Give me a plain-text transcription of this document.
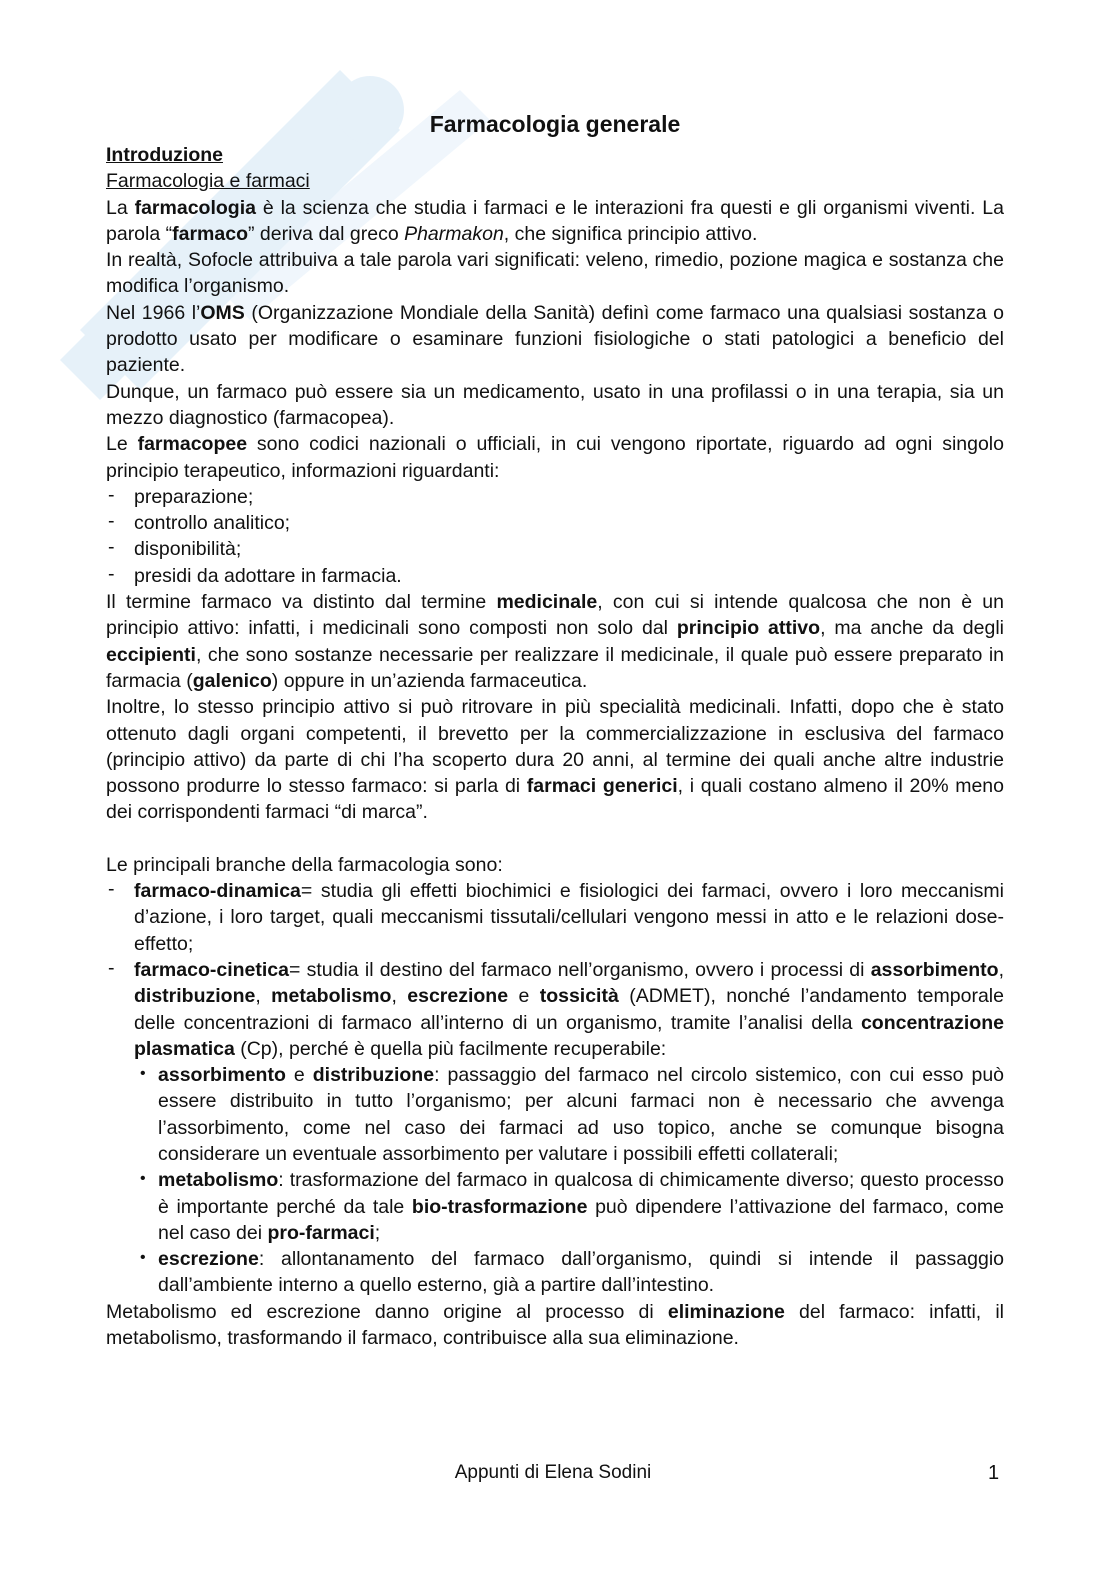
Farmacologia generale
Introduzione
Farmacologia e farmaci

La farmacologia è la scienza che studia i farmaci e le interazioni fra questi e gli organismi viventi. La parola “farmaco” deriva dal greco Pharmakon, che significa principio attivo.

In realtà, Sofocle attribuiva a tale parola vari significati: veleno, rimedio, pozione magica e sostanza che modifica l’organismo.

Nel 1966 l’OMS (Organizzazione Mondiale della Sanità) definì come farmaco una qualsiasi sostanza o prodotto usato per modificare o esaminare funzioni fisiologiche o stati patologici a beneficio del paziente.

Dunque, un farmaco può essere sia un medicamento, usato in una profilassi o in una terapia, sia un mezzo diagnostico (farmacopea).

Le farmacopee sono codici nazionali o ufficiali, in cui vengono riportate, riguardo ad ogni singolo principio terapeutico, informazioni riguardanti:

- preparazione;
- controllo analitico;
- disponibilità;
- presidi da adottare in farmacia.

Il termine farmaco va distinto dal termine medicinale, con cui si intende qualcosa che non è un principio attivo: infatti, i medicinali sono composti non solo dal principio attivo, ma anche da degli eccipienti, che sono sostanze necessarie per realizzare il medicinale, il quale può essere preparato in farmacia (galenico) oppure in un’azienda farmaceutica.

Inoltre, lo stesso principio attivo si può ritrovare in più specialità medicinali. Infatti, dopo che è stato ottenuto dagli organi competenti, il brevetto per la commercializzazione in esclusiva del farmaco (principio attivo) da parte di chi l’ha scoperto dura 20 anni, al termine dei quali anche altre industrie possono produrre lo stesso farmaco: si parla di farmaci generici, i quali costano almeno il 20% meno dei corrispondenti farmaci “di marca”.

Le principali branche della farmacologia sono:

- farmaco-dinamica= studia gli effetti biochimici e fisiologici dei farmaci, ovvero i loro meccanismi d’azione, i loro target, quali meccanismi tissutali/cellulari vengono messi in atto e le relazioni dose-effetto;
- farmaco-cinetica= studia il destino del farmaco nell’organismo, ovvero i processi di assorbimento, distribuzione, metabolismo, escrezione e tossicità (ADMET), nonché l’andamento temporale delle concentrazioni di farmaco all’interno di un organismo, tramite l’analisi della concentrazione plasmatica (Cp), perché è quella più facilmente recuperabile:
• assorbimento e distribuzione: passaggio del farmaco nel circolo sistemico, con cui esso può essere distribuito in tutto l’organismo; per alcuni farmaci non è necessario che avvenga l’assorbimento, come nel caso dei farmaci ad uso topico, anche se comunque bisogna considerare un eventuale assorbimento per valutare i possibili effetti collaterali;
• metabolismo: trasformazione del farmaco in qualcosa di chimicamente diverso; questo processo è importante perché da tale bio-trasformazione può dipendere l’attivazione del farmaco, come nel caso dei pro-farmaci;
• escrezione: allontanamento del farmaco dall’organismo, quindi si intende il passaggio dall’ambiente interno a quello esterno, già a partire dall’intestino.

Metabolismo ed escrezione danno origine al processo di eliminazione del farmaco: infatti, il metabolismo, trasformando il farmaco, contribuisce alla sua eliminazione.

Appunti di Elena Sodini	1
